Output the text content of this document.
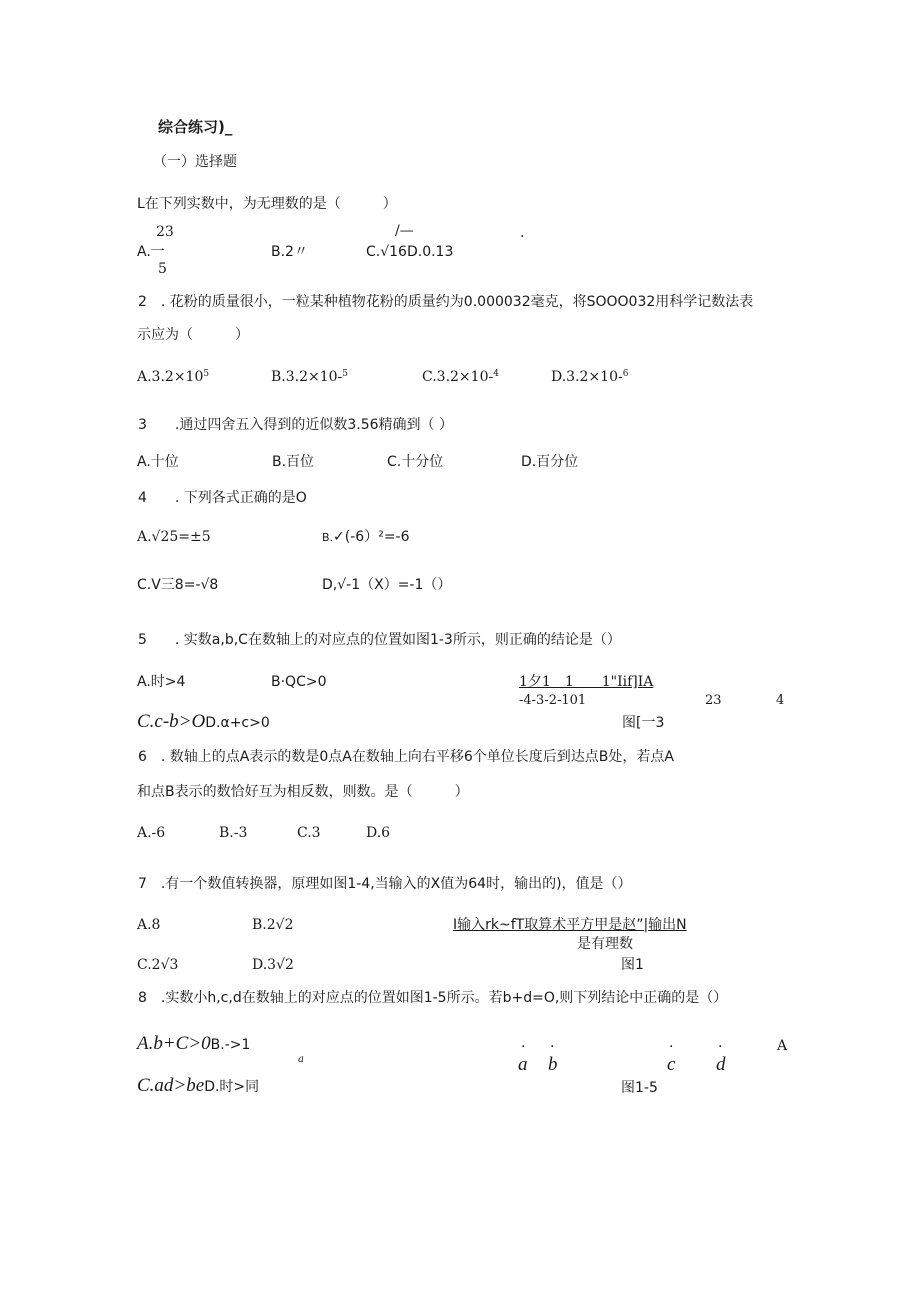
综合练习)_
（一）选择题
L在下列实数中，为无理数的是（　　　）
23	/—	.
A.一	B.2〃	C.√16D.0.13
5
2　. 花粉的质量很小，一粒某种植物花粉的质量约为0.000032毫克，将SOOO032用科学记数法表
示应为（　　　）
$A.3.2\times 10^5$	B.3.2×10-$^5$	C.3.2×10-$^4$	D.3.2×10-$^6$
3　　.通过四舍五入得到的近似数3.56精确到（ ）
A.十位	B.百位	C.十分位	D.百分位
4　　. 下列各式正确的是O
A.√25=±5	B.✓(-6）²=-6
C.V三8=-√8	D,√-1（X）=-1（）
5　　. 实数a,b,C在数轴上的对应点的位置如图1-3所示，则正确的结论是（）
A.时>4	B·QC>0	1夕1　1　　1"Iif]IA
-4-3-2-101	23	4
C.c-b>OD.α+c>0	图[一3
6　. 数轴上的点A表示的数是0点A在数轴上向右平移6个单位长度后到达点B处，若点A
和点B表示的数恰好互为相反数，则数。是（　　　）
A.-6	B.-3	C.3	D.6
7　.有一个数值转换器，原理如图1-4,当输入的X值为64时，输出的)，值是（）
A.8	B.2√2	I输入rk~fT取算术平方甲是赵”|输出N
是有理数
C.2√3	D.3√2	图1
8　.实数小h,c,d在数轴上的对应点的位置如图1-5所示。若b+d=O,则下列结论中正确的是（）
A.b+C>0B.->1
a
· ·	·	·	A
a b	c d
C.ad>beD.时>同	图1-5
